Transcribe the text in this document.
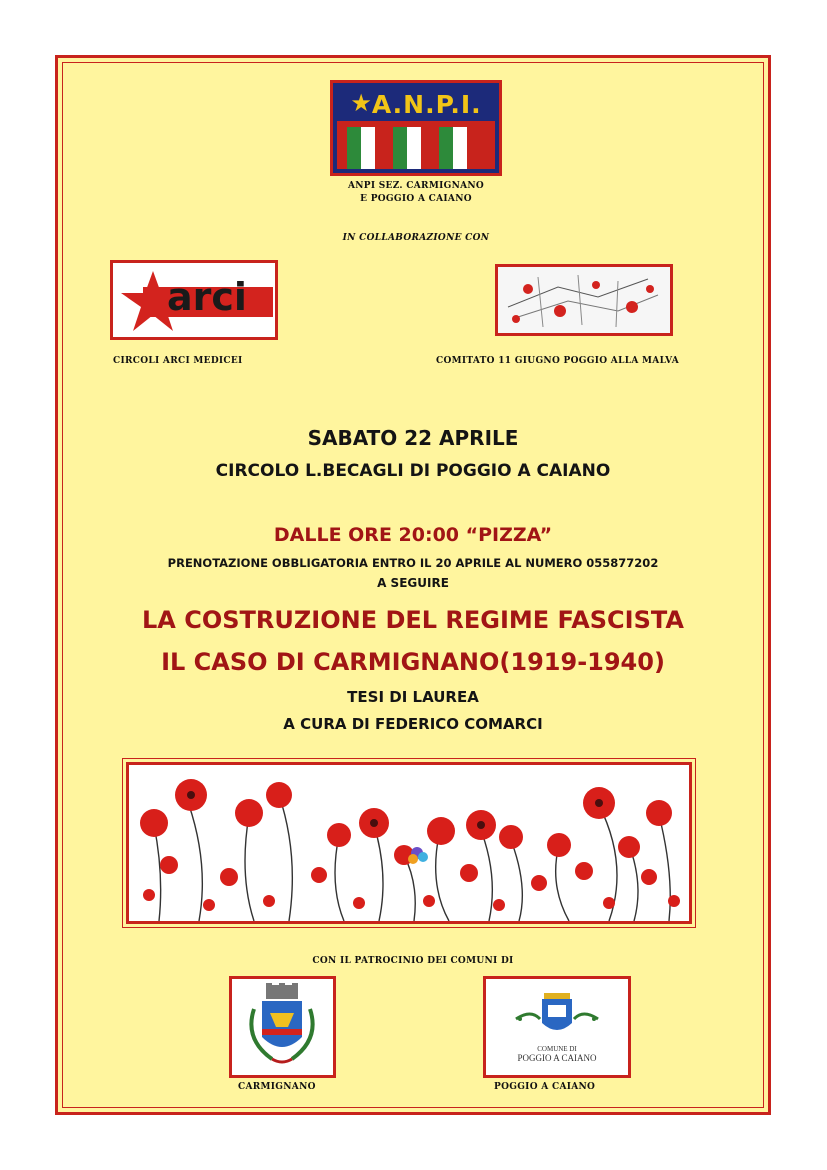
★ A.N.P.I.
ANPI SEZ. CARMIGNANO
E POGGIO A CAIANO
IN COLLABORAZIONE CON
arci
CIRCOLI ARCI MEDICEI	COMITATO 11 GIUGNO POGGIO ALLA MALVA
SABATO 22 APRILE
CIRCOLO L.BECAGLI DI POGGIO A CAIANO
DALLE ORE 20:00 “PIZZA”
PRENOTAZIONE OBBLIGATORIA ENTRO IL 20 APRILE AL NUMERO 055877202
A SEGUIRE
LA COSTRUZIONE DEL REGIME FASCISTA
IL CASO DI CARMIGNANO(1919-1940)
TESI DI LAUREA
A CURA DI FEDERICO COMARCI
CON IL PATROCINIO DEI COMUNI DI
COMUNE DI
POGGIO A CAIANO
CARMIGNANO	POGGIO A CAIANO
